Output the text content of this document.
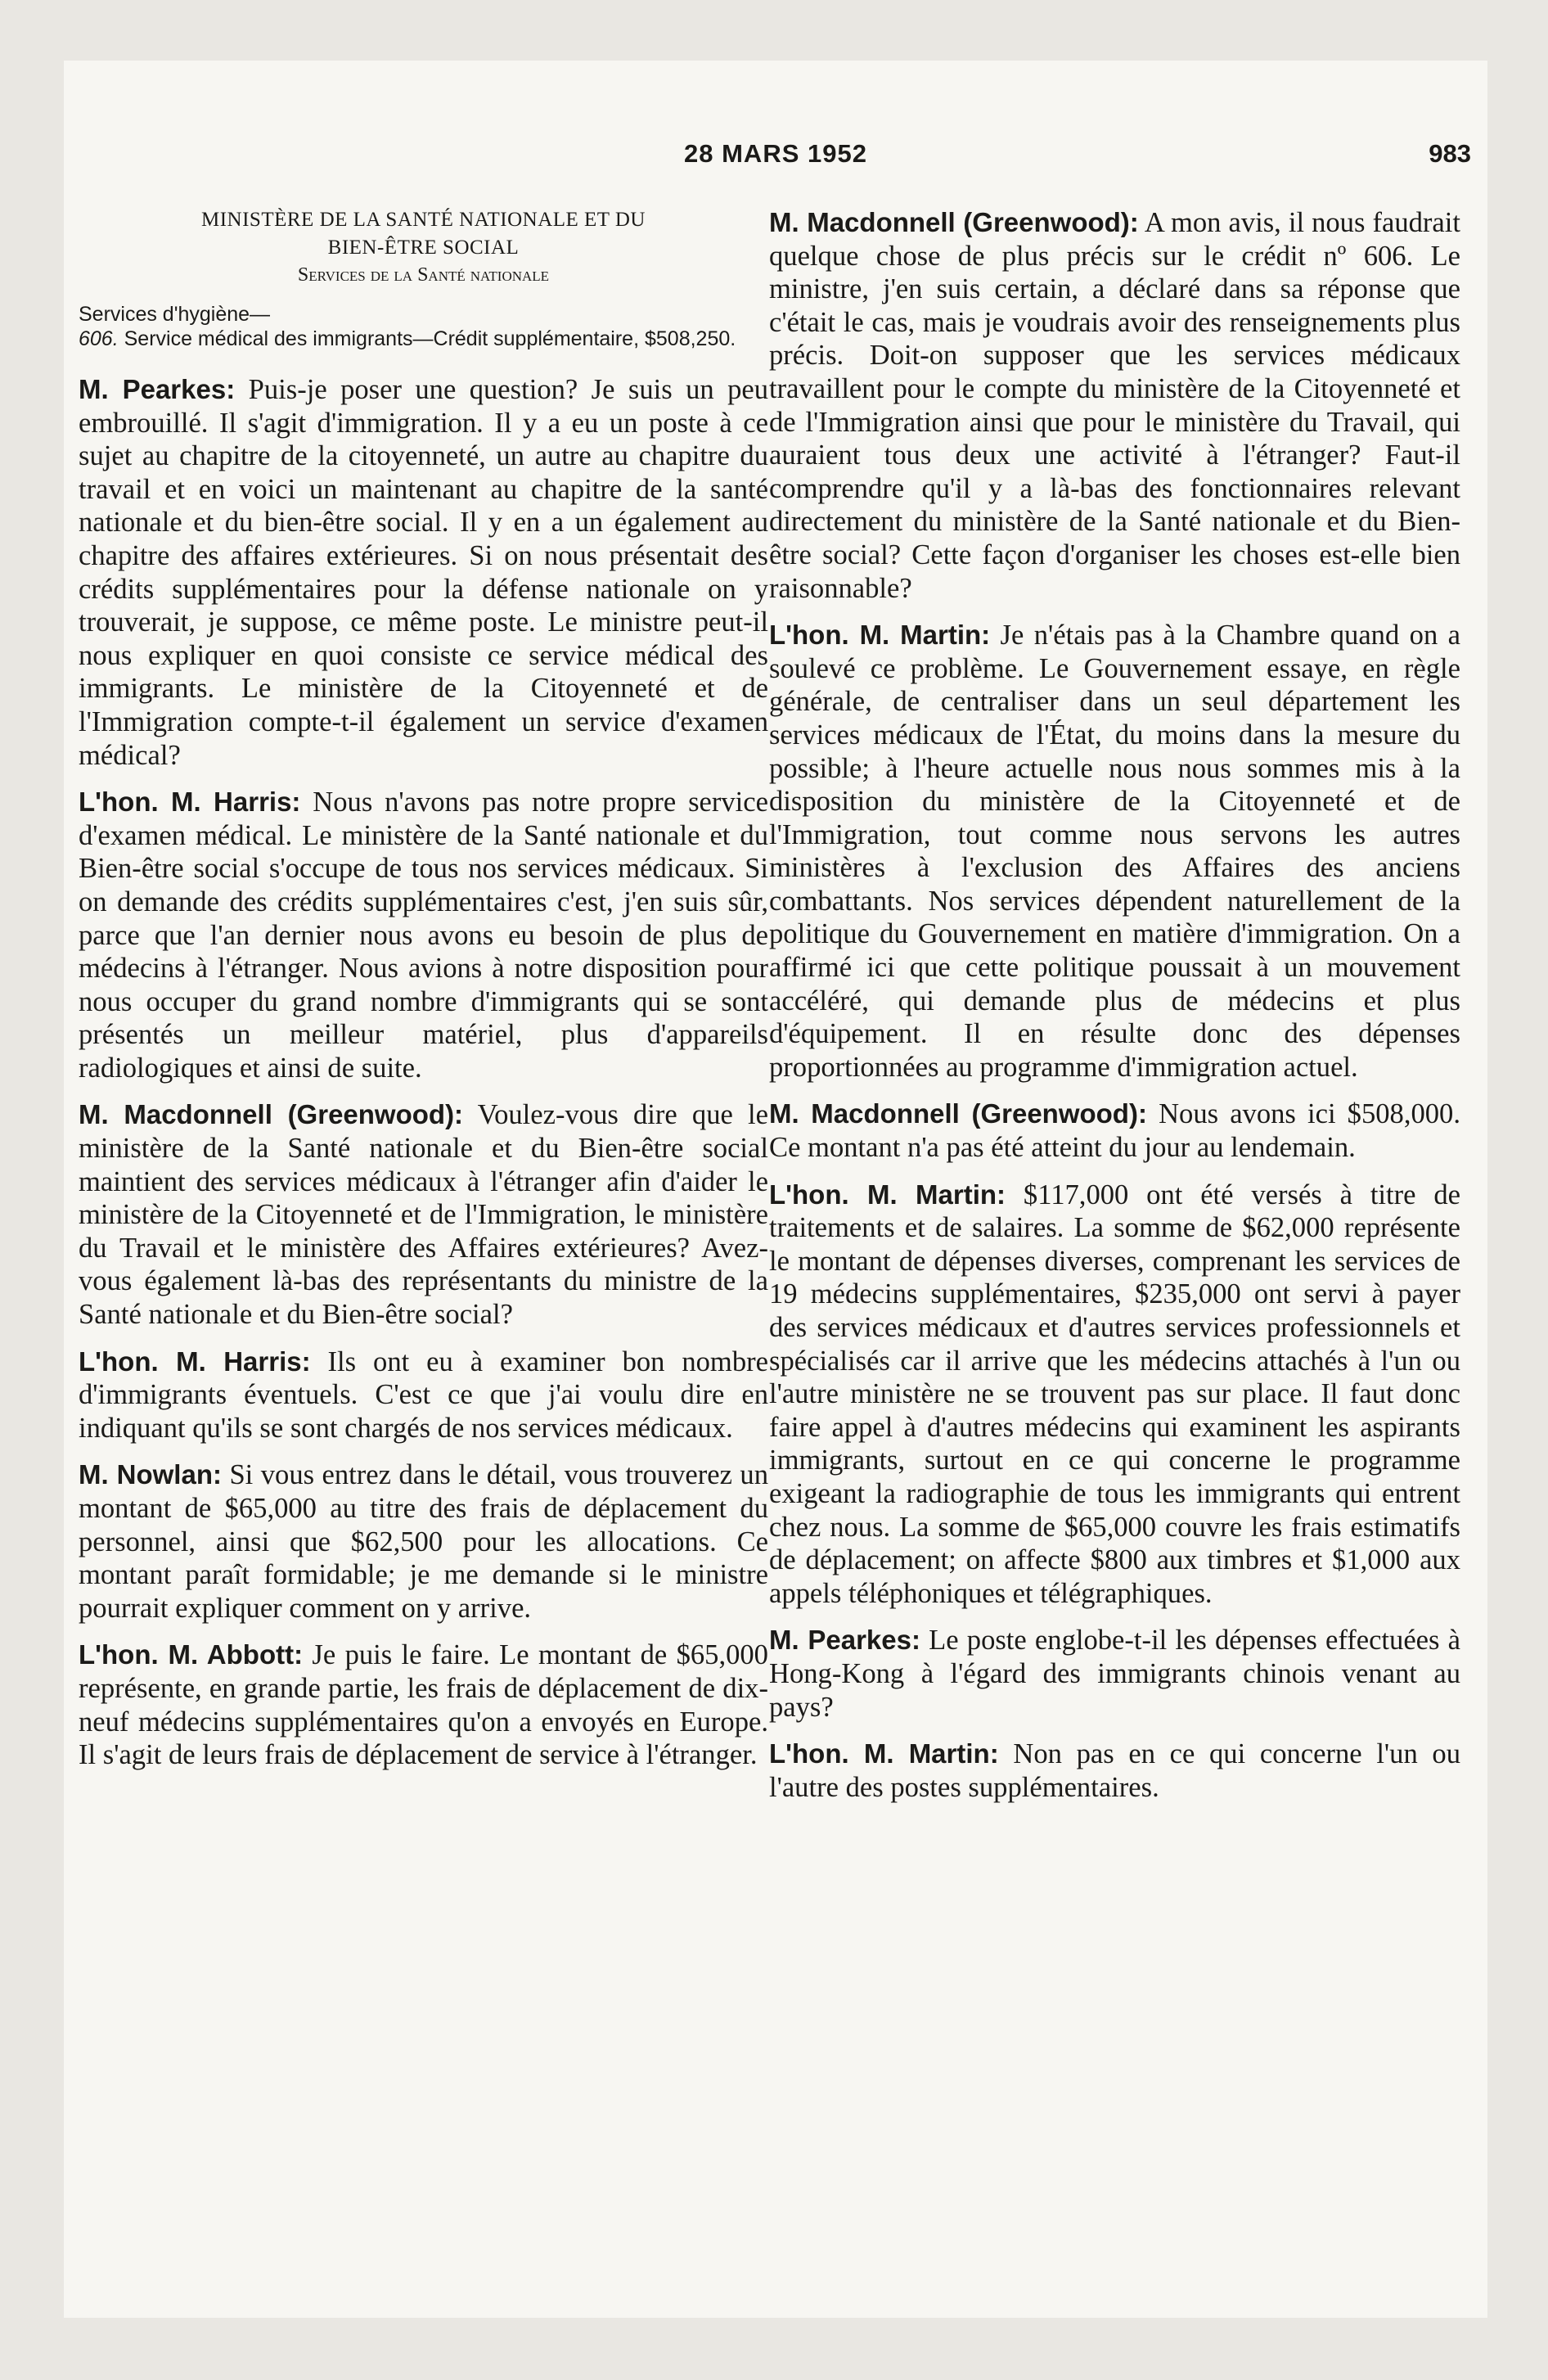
28 MARS 1952	983

MINISTÈRE DE LA SANTÉ NATIONALE ET DU

BIEN-ÊTRE SOCIAL

Services de la Santé nationale

Services d'hygiène—

606. Service médical des immigrants—Crédit supplémentaire, $508,250.

M. Pearkes: Puis-je poser une question? Je suis un peu embrouillé. Il s'agit d'immigration. Il y a eu un poste à ce sujet au chapitre de la citoyenneté, un autre au chapitre du travail et en voici un maintenant au chapitre de la santé nationale et du bien-être social. Il y en a un également au chapitre des affaires extérieures. Si on nous présentait des crédits supplémentaires pour la défense nationale on y trouverait, je suppose, ce même poste. Le ministre peut-il nous expliquer en quoi consiste ce service médical des immigrants. Le ministère de la Citoyenneté et de l'Immigration compte-t-il également un service d'examen médical?

L'hon. M. Harris: Nous n'avons pas notre propre service d'examen médical. Le ministère de la Santé nationale et du Bien-être social s'occupe de tous nos services médicaux. Si on demande des crédits supplémentaires c'est, j'en suis sûr, parce que l'an dernier nous avons eu besoin de plus de médecins à l'étranger. Nous avions à notre disposition pour nous occuper du grand nombre d'immigrants qui se sont présentés un meilleur matériel, plus d'appareils radiologiques et ainsi de suite.

M. Macdonnell (Greenwood): Voulez-vous dire que le ministère de la Santé nationale et du Bien-être social maintient des services médicaux à l'étranger afin d'aider le ministère de la Citoyenneté et de l'Immigration, le ministère du Travail et le ministère des Affaires extérieures? Avez-vous également là-bas des représentants du ministre de la Santé nationale et du Bien-être social?

L'hon. M. Harris: Ils ont eu à examiner bon nombre d'immigrants éventuels. C'est ce que j'ai voulu dire en indiquant qu'ils se sont chargés de nos services médicaux.

M. Nowlan: Si vous entrez dans le détail, vous trouverez un montant de $65,000 au titre des frais de déplacement du personnel, ainsi que $62,500 pour les allocations. Ce montant paraît formidable; je me demande si le ministre pourrait expliquer comment on y arrive.

L'hon. M. Abbott: Je puis le faire. Le montant de $65,000 représente, en grande partie, les frais de déplacement de dix-neuf médecins supplémentaires qu'on a envoyés en Europe. Il s'agit de leurs frais de déplacement de service à l'étranger.

M. Macdonnell (Greenwood): A mon avis, il nous faudrait quelque chose de plus précis sur le crédit nº 606. Le ministre, j'en suis certain, a déclaré dans sa réponse que c'était le cas, mais je voudrais avoir des renseignements plus précis. Doit-on supposer que les services médicaux travaillent pour le compte du ministère de la Citoyenneté et de l'Immigration ainsi que pour le ministère du Travail, qui auraient tous deux une activité à l'étranger? Faut-il comprendre qu'il y a là-bas des fonctionnaires relevant directement du ministère de la Santé nationale et du Bien-être social? Cette façon d'organiser les choses est-elle bien raisonnable?

L'hon. M. Martin: Je n'étais pas à la Chambre quand on a soulevé ce problème. Le Gouvernement essaye, en règle générale, de centraliser dans un seul département les services médicaux de l'État, du moins dans la mesure du possible; à l'heure actuelle nous nous sommes mis à la disposition du ministère de la Citoyenneté et de l'Immigration, tout comme nous servons les autres ministères à l'exclusion des Affaires des anciens combattants. Nos services dépendent naturellement de la politique du Gouvernement en matière d'immigration. On a affirmé ici que cette politique poussait à un mouvement accéléré, qui demande plus de médecins et plus d'équipement. Il en résulte donc des dépenses proportionnées au programme d'immigration actuel.

M. Macdonnell (Greenwood): Nous avons ici $508,000. Ce montant n'a pas été atteint du jour au lendemain.

L'hon. M. Martin: $117,000 ont été versés à titre de traitements et de salaires. La somme de $62,000 représente le montant de dépenses diverses, comprenant les services de 19 médecins supplémentaires, $235,000 ont servi à payer des services médicaux et d'autres services professionnels et spécialisés car il arrive que les médecins attachés à l'un ou l'autre ministère ne se trouvent pas sur place. Il faut donc faire appel à d'autres médecins qui examinent les aspirants immigrants, surtout en ce qui concerne le programme exigeant la radiographie de tous les immigrants qui entrent chez nous. La somme de $65,000 couvre les frais estimatifs de déplacement; on affecte $800 aux timbres et $1,000 aux appels téléphoniques et télégraphiques.

M. Pearkes: Le poste englobe-t-il les dépenses effectuées à Hong-Kong à l'égard des immigrants chinois venant au pays?

L'hon. M. Martin: Non pas en ce qui concerne l'un ou l'autre des postes supplémentaires.
